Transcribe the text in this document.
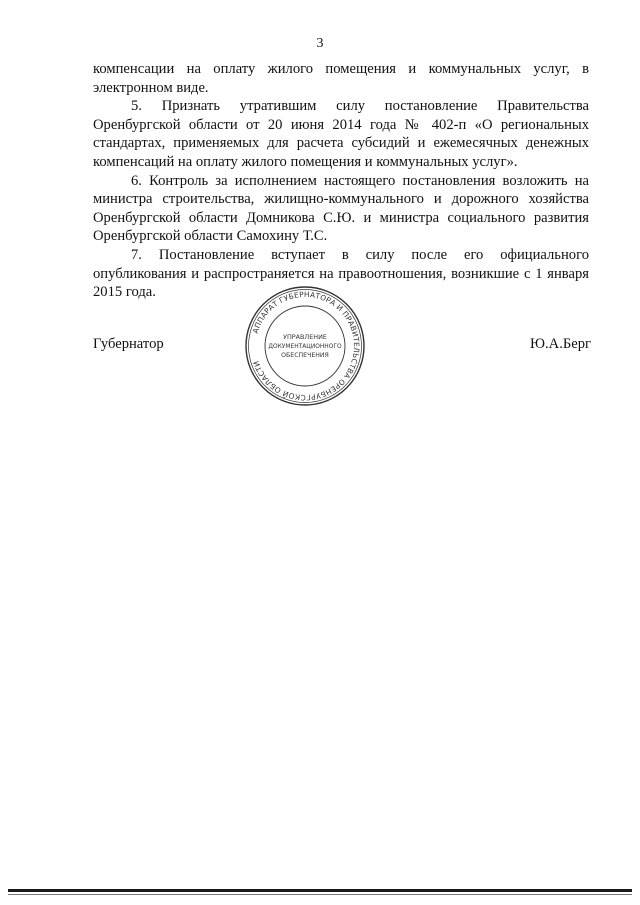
3

компенсации на оплату жилого помещения и коммунальных услуг, в электронном виде.

5. Признать утратившим силу постановление Правительства Оренбургской области от 20 июня 2014 года № 402-п «О региональных стандартах, применяемых для расчета субсидий и ежемесячных денежных компенсаций на оплату жилого помещения и коммунальных услуг».

6. Контроль за исполнением настоящего постановления возложить на министра строительства, жилищно-коммунального и дорожного хозяйства Оренбургской области Домникова С.Ю. и министра социального развития Оренбургской области Самохину Т.С.

7. Постановление вступает в силу после его официального опубликования и распространяется на правоотношения, возникшие с 1 января 2015 года.

Губернатор	Ю.А.Берг
АППАРАТ ГУБЕРНАТОРА И ПРАВИТЕЛЬСТВА ОРЕНБУРГСКОЙ ОБЛАСТИ
УПРАВЛЕНИЕ
ДОКУМЕНТАЦИОННОГО
ОБЕСПЕЧЕНИЯ
